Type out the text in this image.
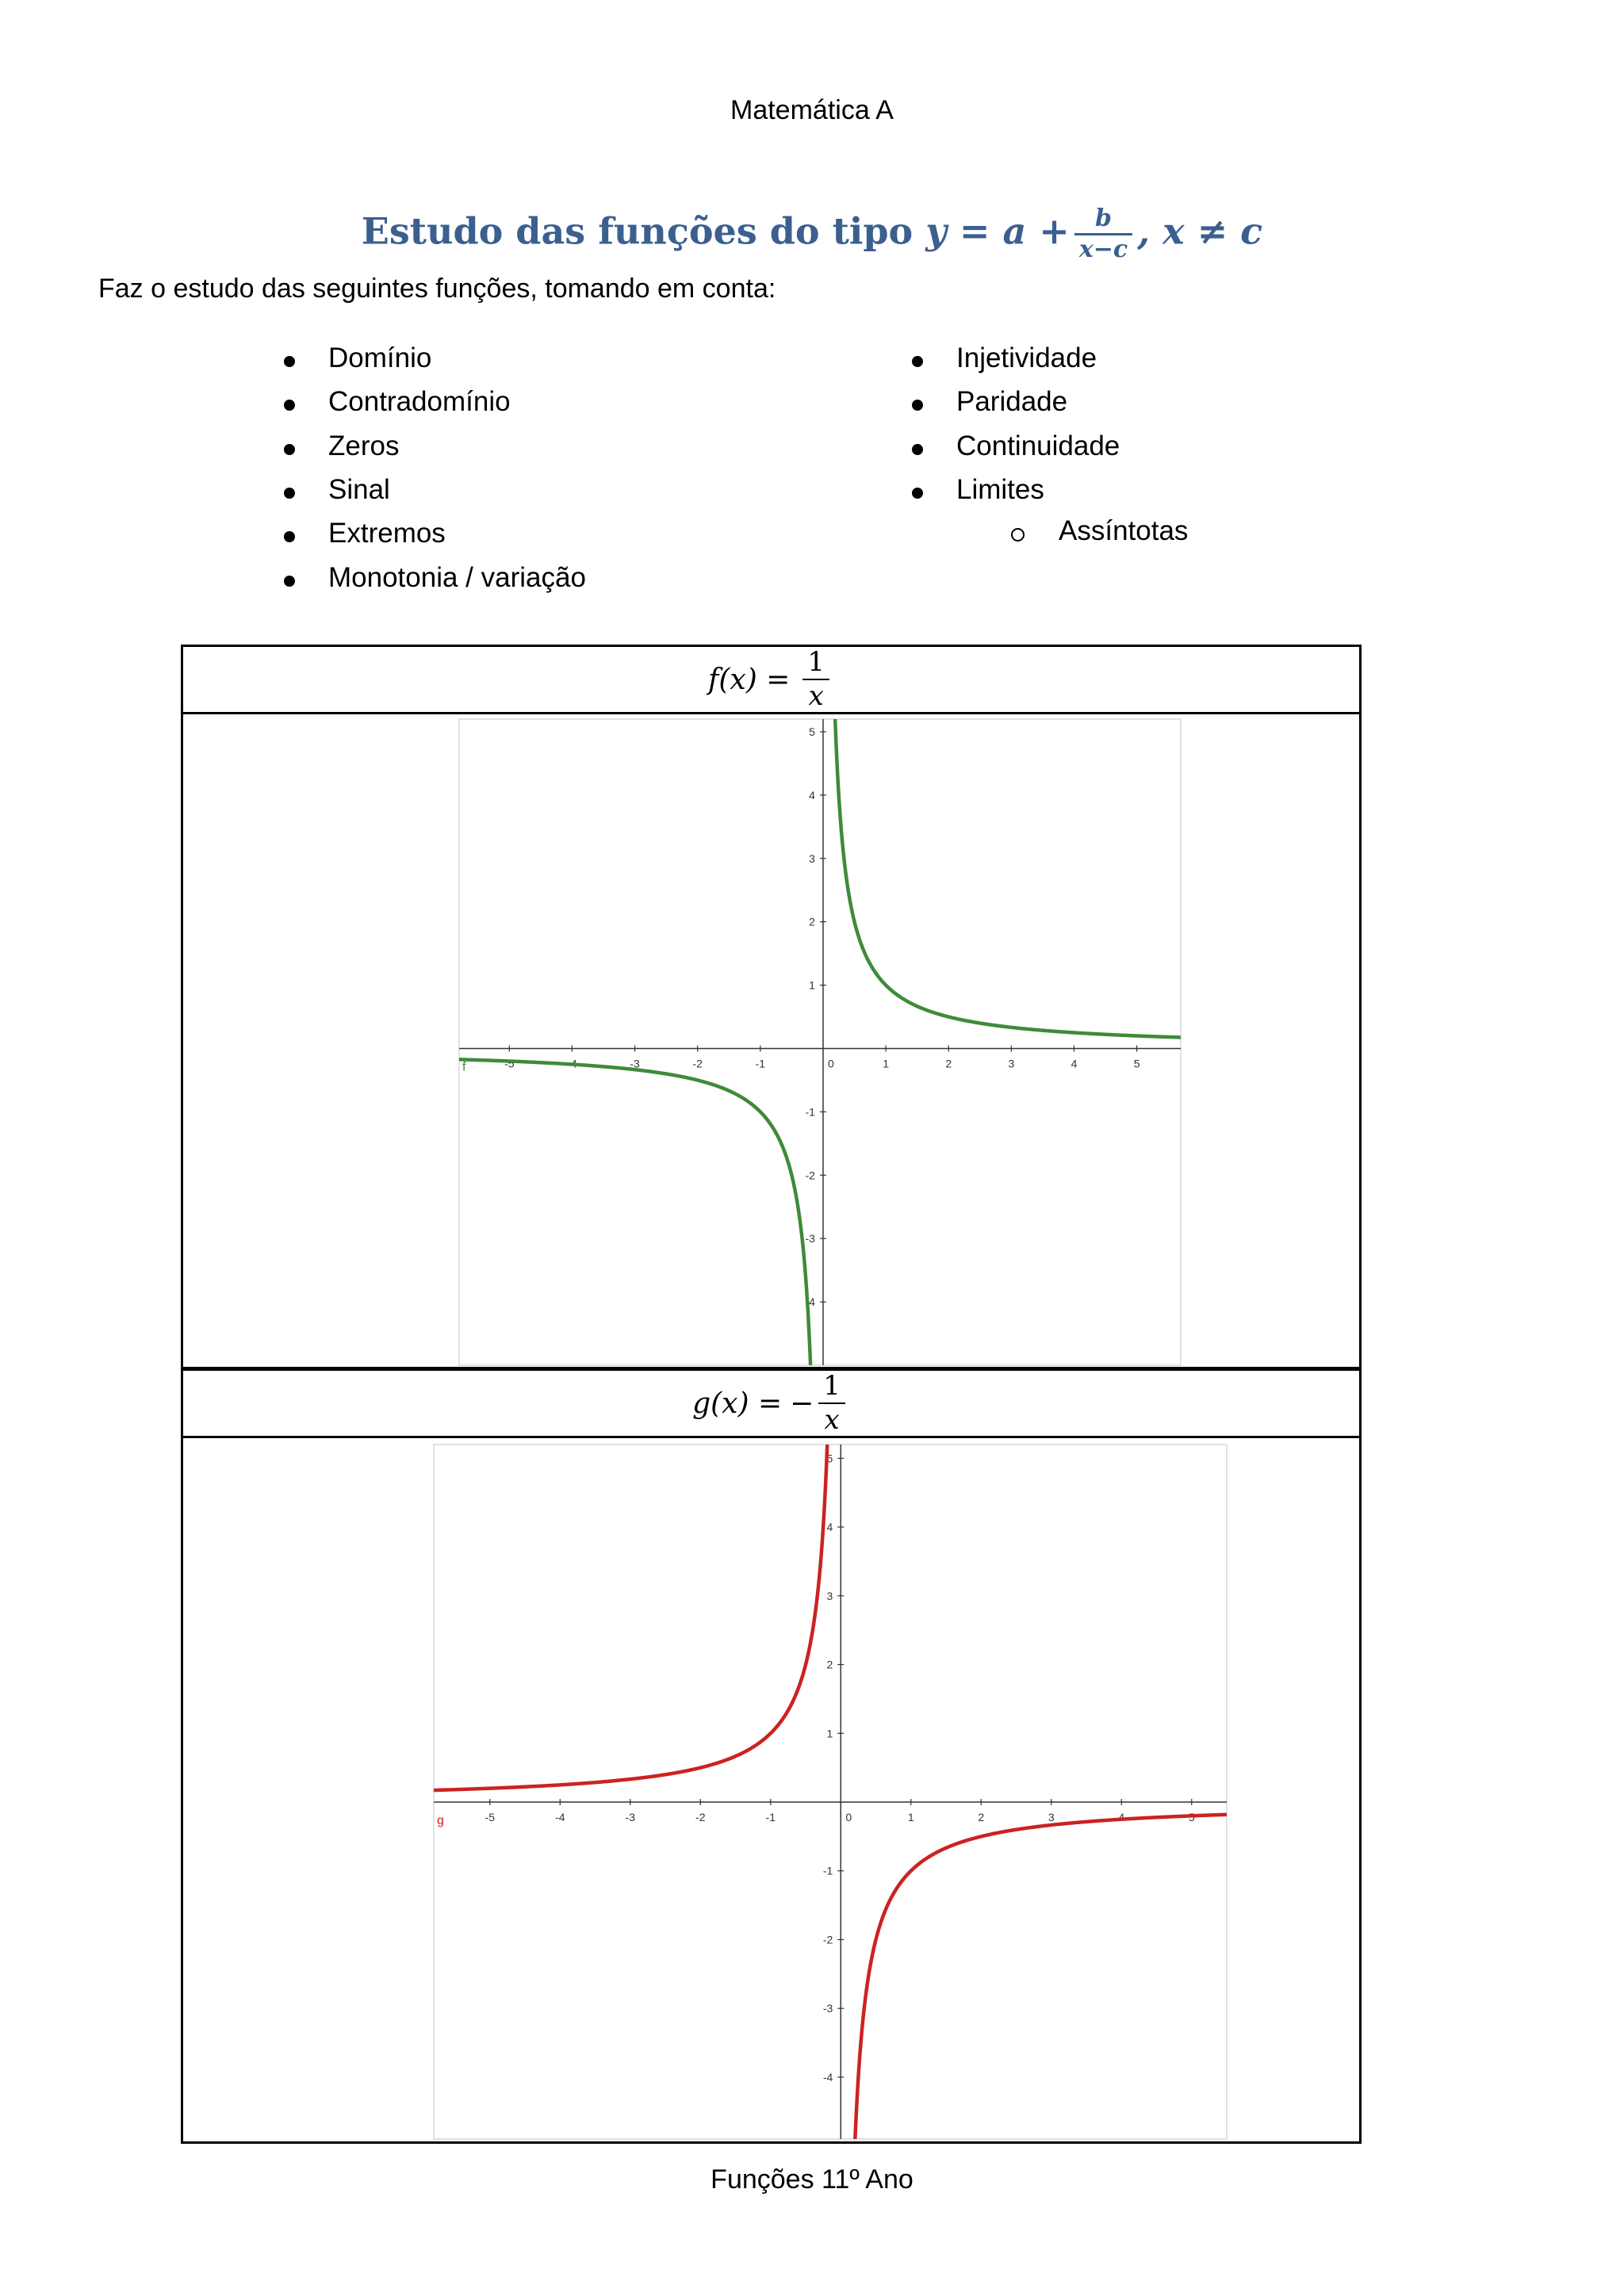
Matemática A
Estudo das funções do tipo $y = a + \frac{b}{x-c}$ , x ≠ c
Faz o estudo das seguintes funções, tomando em conta:
Domínio
Contradomínio
Zeros
Sinal
Extremos
Monotonia / variação
Injetividade
Paridade
Continuidade
Limites
Assíntotas
$f(x) = \frac{1}{x}$
-5	-4	-3	-2	-1	0	1	2	3	4	5
-4
-3
-2
-1
1
2
3
4
5
f
g(x) = − $\frac{1}{x}$
-5	-4	-3	-2	-1	0	1	2	3	4	5
-4
-3
-2
-1
1
2
3
4
5
g
Funções 11º Ano
